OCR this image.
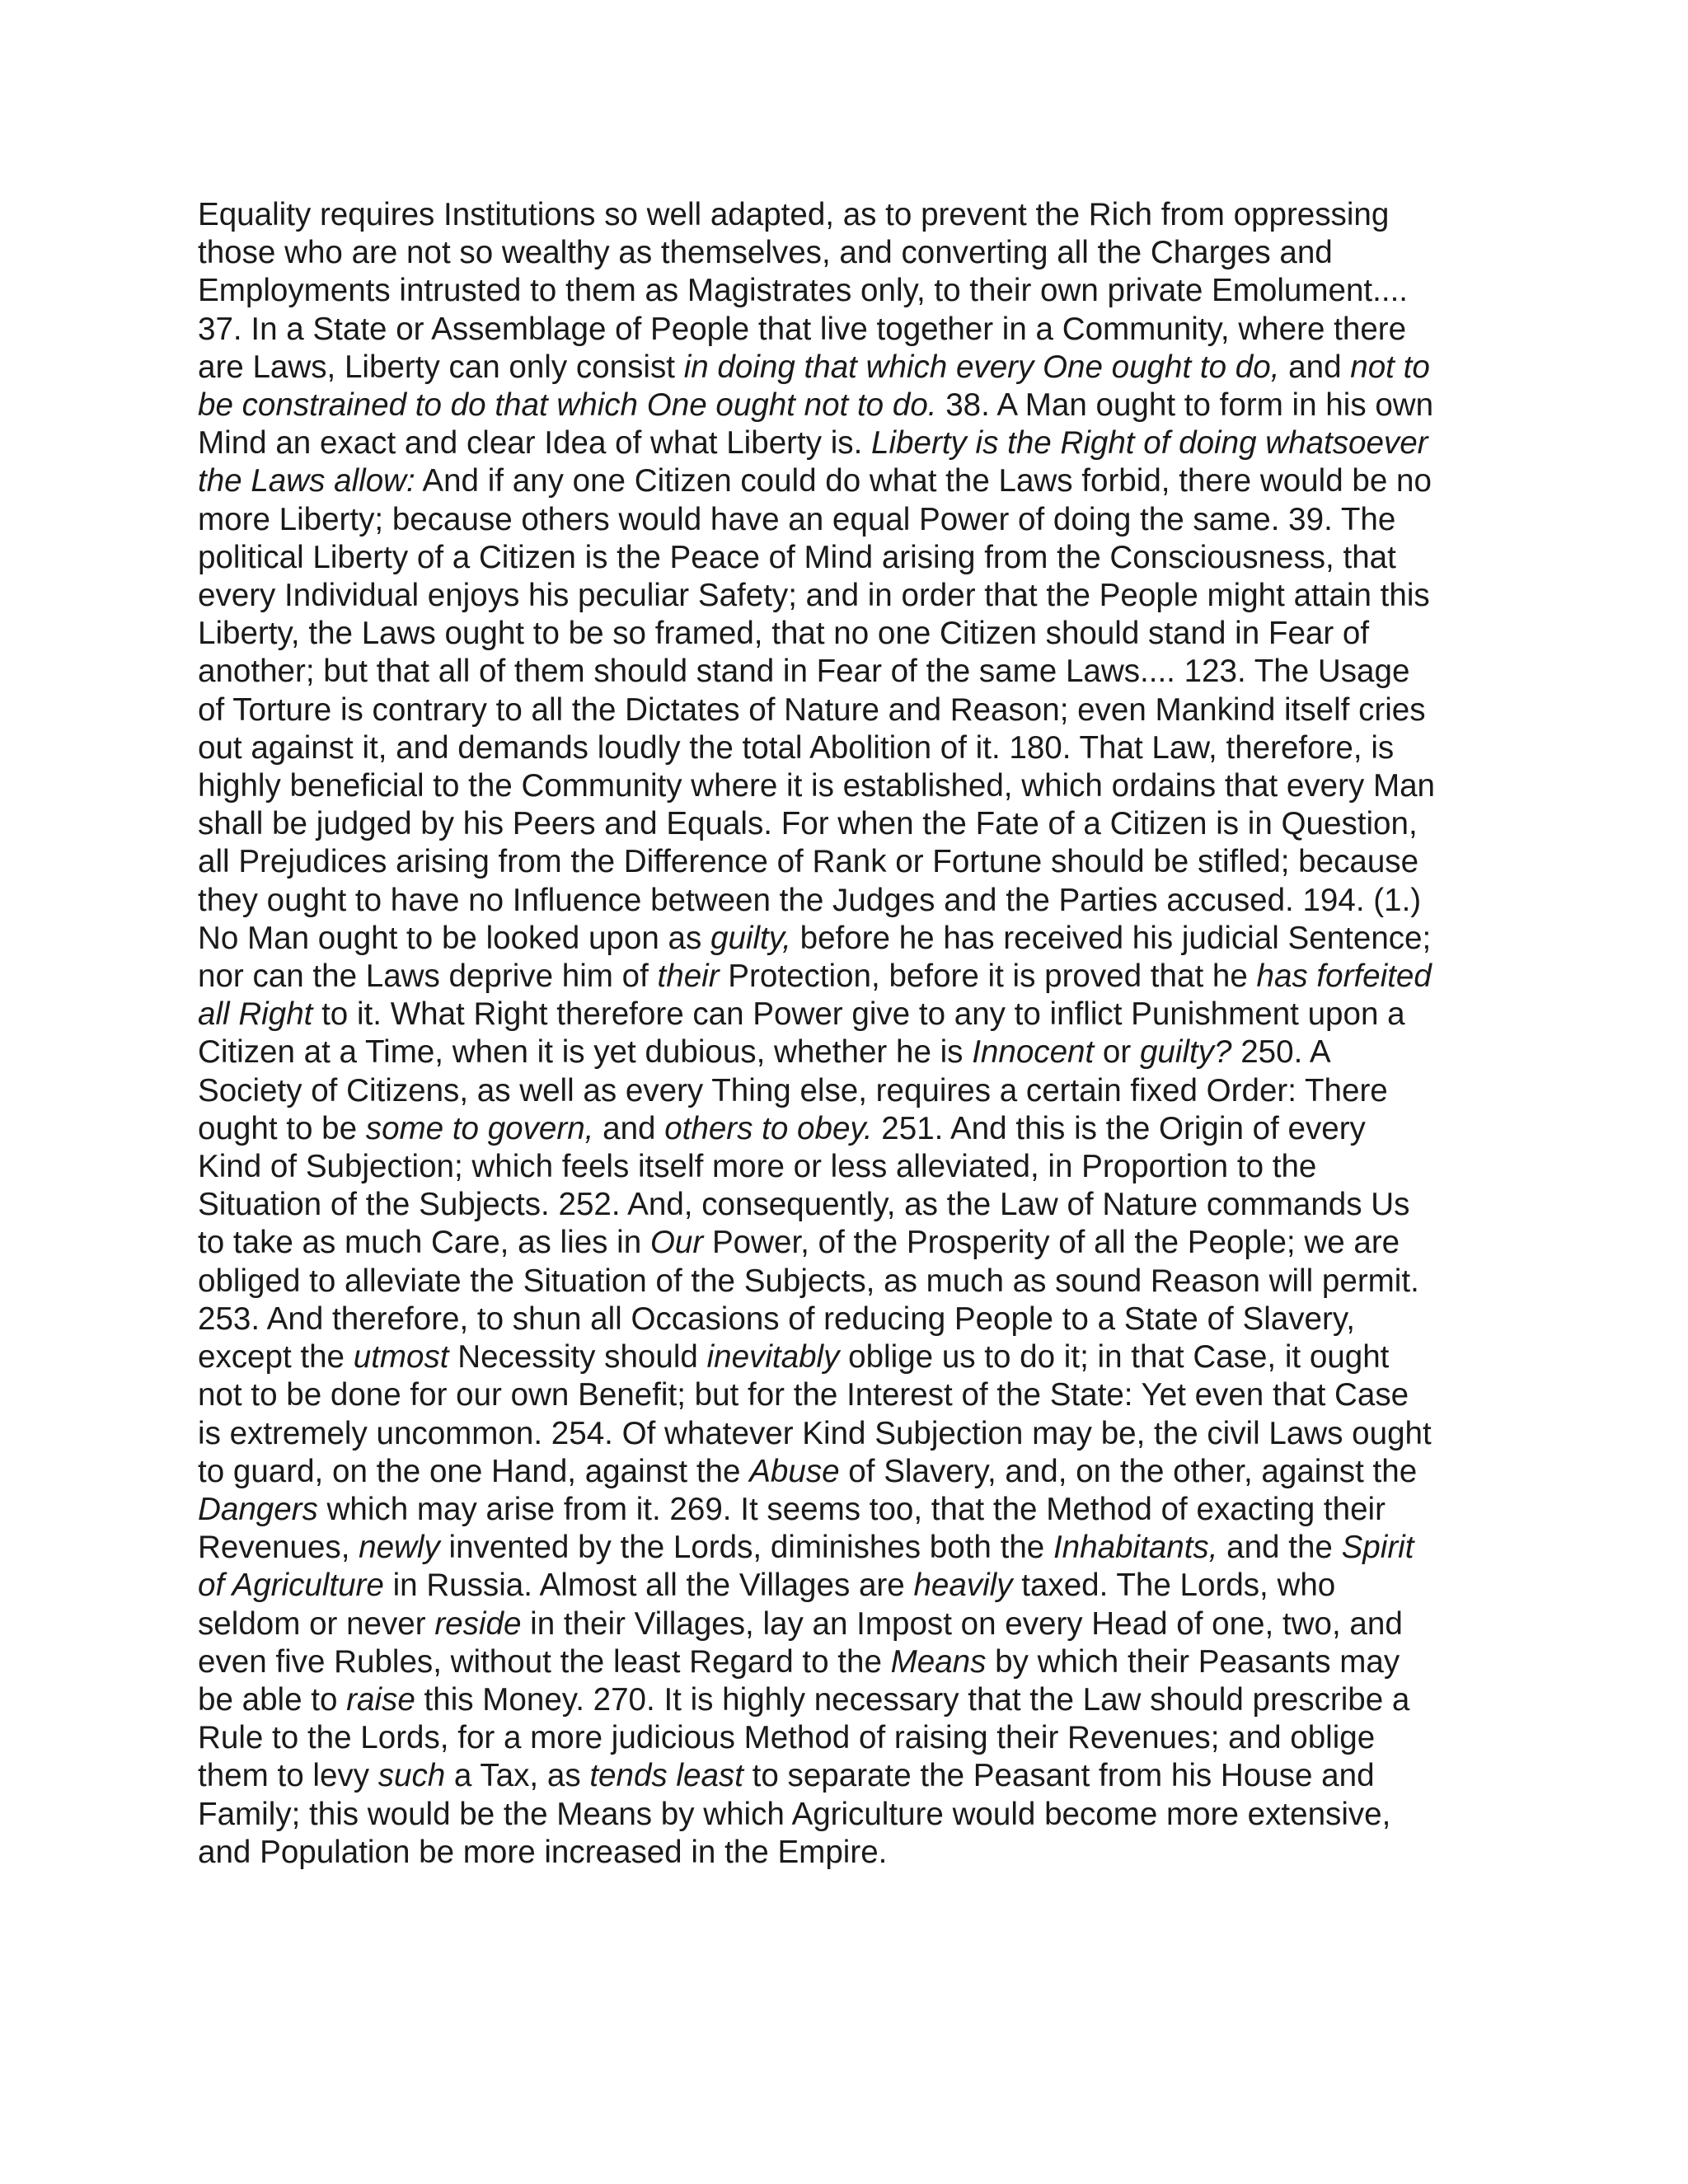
Equality requires Institutions so well adapted, as to prevent the Rich from oppressing
those who are not so wealthy as themselves, and converting all the Charges and
Employments intrusted to them as Magistrates only, to their own private Emolument....
37. In a State or Assemblage of People that live together in a Community, where there
are Laws, Liberty can only consist in doing that which every One ought to do, and not to
be constrained to do that which One ought not to do. 38. A Man ought to form in his own
Mind an exact and clear Idea of what Liberty is. Liberty is the Right of doing whatsoever
the Laws allow: And if any one Citizen could do what the Laws forbid, there would be no
more Liberty; because others would have an equal Power of doing the same. 39. The
political Liberty of a Citizen is the Peace of Mind arising from the Consciousness, that
every Individual enjoys his peculiar Safety; and in order that the People might attain this
Liberty, the Laws ought to be so framed, that no one Citizen should stand in Fear of
another; but that all of them should stand in Fear of the same Laws.... 123. The Usage
of Torture is contrary to all the Dictates of Nature and Reason; even Mankind itself cries
out against it, and demands loudly the total Abolition of it. 180. That Law, therefore, is
highly beneficial to the Community where it is established, which ordains that every Man
shall be judged by his Peers and Equals. For when the Fate of a Citizen is in Question,
all Prejudices arising from the Difference of Rank or Fortune should be stifled; because
they ought to have no Influence between the Judges and the Parties accused. 194. (1.)
No Man ought to be looked upon as guilty, before he has received his judicial Sentence;
nor can the Laws deprive him of their Protection, before it is proved that he has forfeited
all Right to it. What Right therefore can Power give to any to inflict Punishment upon a
Citizen at a Time, when it is yet dubious, whether he is Innocent or guilty? 250. A
Society of Citizens, as well as every Thing else, requires a certain fixed Order: There
ought to be some to govern, and others to obey. 251. And this is the Origin of every
Kind of Subjection; which feels itself more or less alleviated, in Proportion to the
Situation of the Subjects. 252. And, consequently, as the Law of Nature commands Us
to take as much Care, as lies in Our Power, of the Prosperity of all the People; we are
obliged to alleviate the Situation of the Subjects, as much as sound Reason will permit.
253. And therefore, to shun all Occasions of reducing People to a State of Slavery,
except the utmost Necessity should inevitably oblige us to do it; in that Case, it ought
not to be done for our own Benefit; but for the Interest of the State: Yet even that Case
is extremely uncommon. 254. Of whatever Kind Subjection may be, the civil Laws ought
to guard, on the one Hand, against the Abuse of Slavery, and, on the other, against the
Dangers which may arise from it. 269. It seems too, that the Method of exacting their
Revenues, newly invented by the Lords, diminishes both the Inhabitants, and the Spirit
of Agriculture in Russia. Almost all the Villages are heavily taxed. The Lords, who
seldom or never reside in their Villages, lay an Impost on every Head of one, two, and
even five Rubles, without the least Regard to the Means by which their Peasants may
be able to raise this Money. 270. It is highly necessary that the Law should prescribe a
Rule to the Lords, for a more judicious Method of raising their Revenues; and oblige
them to levy such a Tax, as tends least to separate the Peasant from his House and
Family; this would be the Means by which Agriculture would become more extensive,
and Population be more increased in the Empire.
